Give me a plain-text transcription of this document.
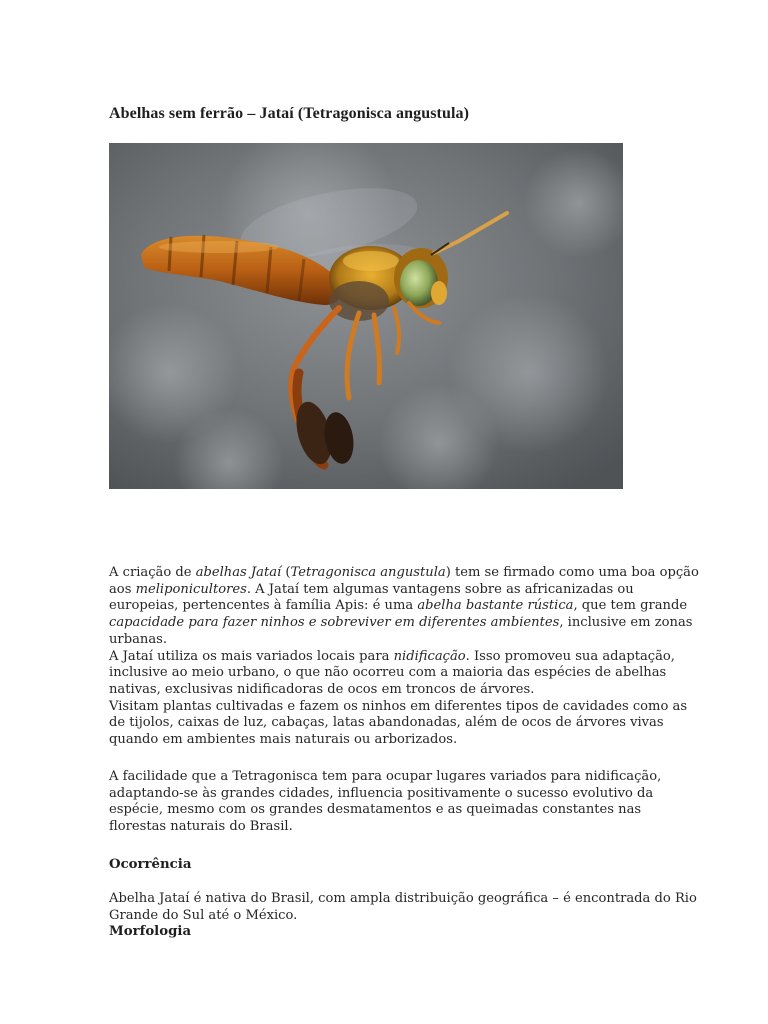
Abelhas sem ferrão – Jataí (Tetragonisca angustula)

A criação de abelhas Jataí (Tetragonisca angustula) tem se firmado como uma boa opção aos meliponicultores. A Jataí tem algumas vantagens sobre as africanizadas ou europeias, pertencentes à família Apis: é uma abelha bastante rústica, que tem grande capacidade para fazer ninhos e sobreviver em diferentes ambientes, inclusive em zonas urbanas.

A Jataí utiliza os mais variados locais para nidificação. Isso promoveu sua adaptação, inclusive ao meio urbano, o que não ocorreu com a maioria das espécies de abelhas nativas, exclusivas nidificadoras de ocos em troncos de árvores.

Visitam plantas cultivadas e fazem os ninhos em diferentes tipos de cavidades como as de tijolos, caixas de luz, cabaças, latas abandonadas, além de ocos de árvores vivas quando em ambientes mais naturais ou arborizados.

A facilidade que a Tetragonisca tem para ocupar lugares variados para nidificação, adaptando-se às grandes cidades, influencia positivamente o sucesso evolutivo da espécie, mesmo com os grandes desmatamentos e as queimadas constantes nas florestas naturais do Brasil.

Ocorrência

Abelha Jataí é nativa do Brasil, com ampla distribuição geográfica – é encontrada do Rio Grande do Sul até o México.

Morfologia
